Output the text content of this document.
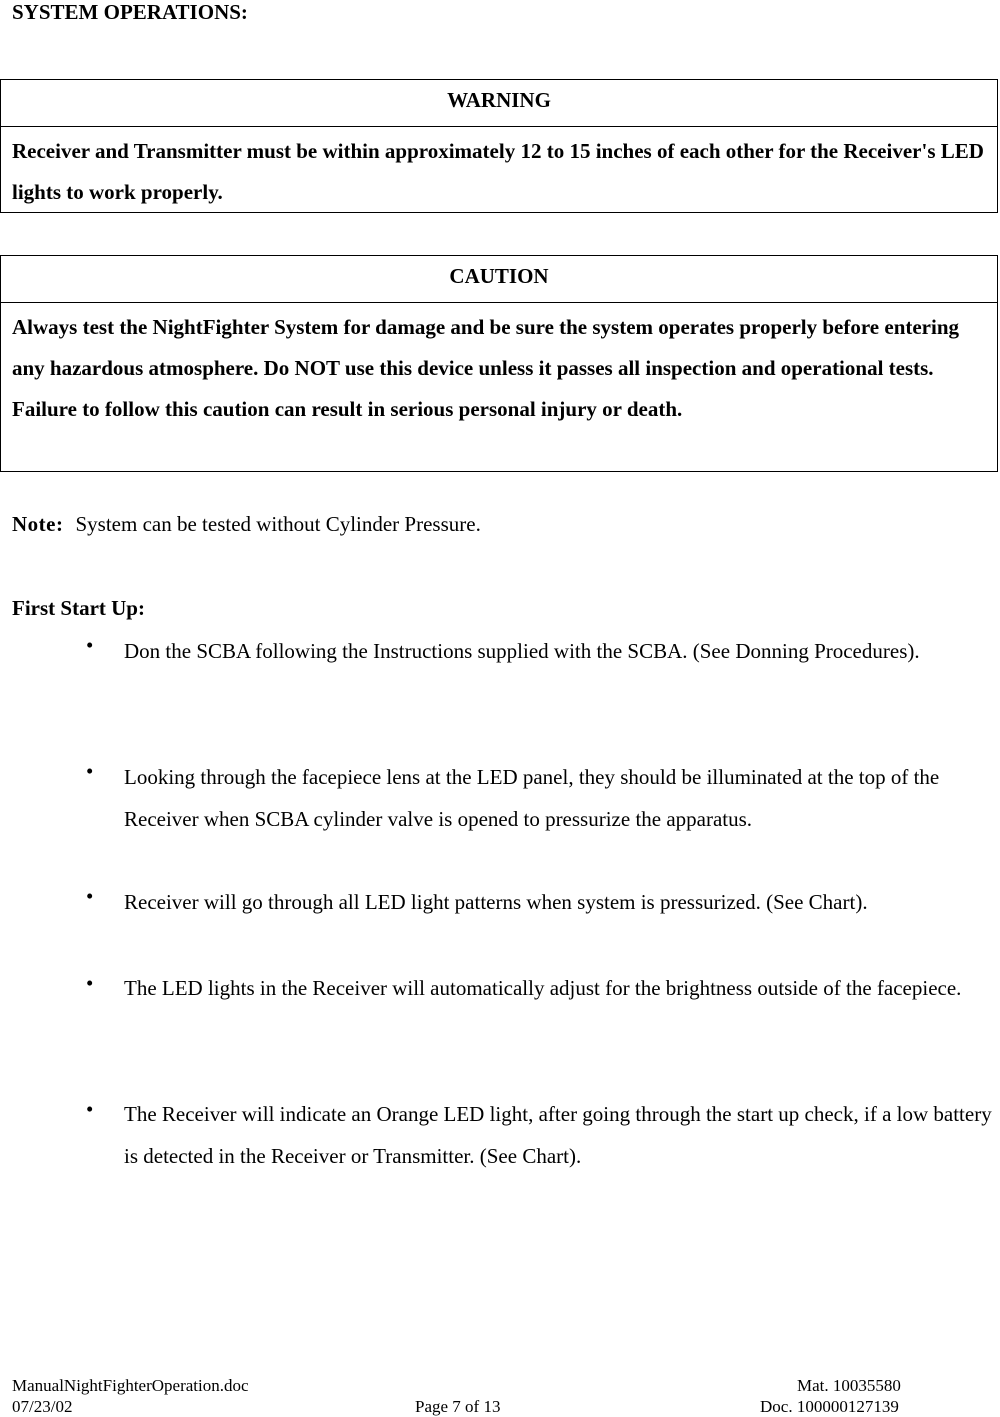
SYSTEM OPERATIONS:
WARNING
Receiver and Transmitter must be within approximately 12 to 15 inches of each other for the Receiver's LED lights to work properly.
CAUTION
Always test the NightFighter System for damage and be sure the system operates properly before entering any hazardous atmosphere. Do NOT use this device unless it passes all inspection and operational tests. Failure to follow this caution can result in serious personal injury or death.
Note: System can be tested without Cylinder Pressure.
First Start Up:
• Don the SCBA following the Instructions supplied with the SCBA. (See Donning Procedures).
• Looking through the facepiece lens at the LED panel, they should be illuminated at the top of the Receiver when SCBA cylinder valve is opened to pressurize the apparatus.
• Receiver will go through all LED light patterns when system is pressurized. (See Chart).
• The LED lights in the Receiver will automatically adjust for the brightness outside of the facepiece.
• The Receiver will indicate an Orange LED light, after going through the start up check, if a low battery is detected in the Receiver or Transmitter. (See Chart).
ManualNightFighterOperation.doc
07/23/02	Page 7 of 13
Mat. 10035580
Doc. 100000127139
